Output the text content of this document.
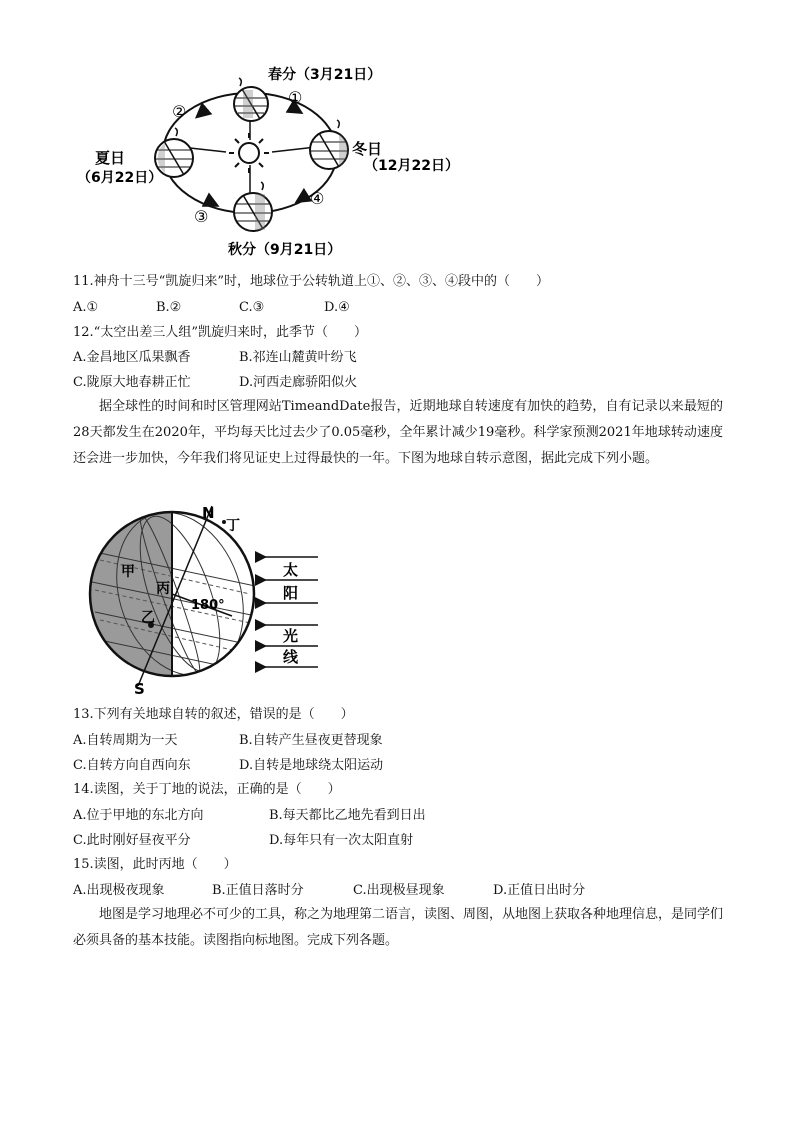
春分（3月21日）
夏日
（6月22日）
冬日
（12月22日）
秋分（9月21日）
①
②
③
④
11.神舟十三号“凯旋归来”时，地球位于公转轨道上①、②、③、④段中的（　　）
A.①	B.②	C.③	D.④
12.“太空出差三人组”凯旋归来时，此季节（　　）
A.金昌地区瓜果飘香	B.祁连山麓黄叶纷飞
C.陇原大地春耕正忙	D.河西走廊骄阳似火
据全球性的时间和时区管理网站TimeandDate报告，近期地球自转速度有加快的趋势，自有记录以来最短的28天都发生在2020年，平均每天比过去少了0.05毫秒，全年累计减少19毫秒。科学家预测2021年地球转动速度还会进一步加快，今年我们将见证史上过得最快的一年。下图为地球自转示意图，据此完成下列小题。
N
S
丁
甲
乙
丙
180°
太
阳
光
线
13.下列有关地球自转的叙述，错误的是（　　）
A.自转周期为一天	B.自转产生昼夜更替现象
C.自转方向自西向东	D.自转是地球绕太阳运动
14.读图，关于丁地的说法，正确的是（　　）
A.位于甲地的东北方向	B.每天都比乙地先看到日出
C.此时刚好昼夜平分	D.每年只有一次太阳直射
15.读图，此时丙地（　　）
A.出现极夜现象	B.正值日落时分	C.出现极昼现象	D.正值日出时分
地图是学习地理必不可少的工具，称之为地理第二语言，读图、周图，从地图上获取各种地理信息，是同学们必须具备的基本技能。读图指向标地图。完成下列各题。
